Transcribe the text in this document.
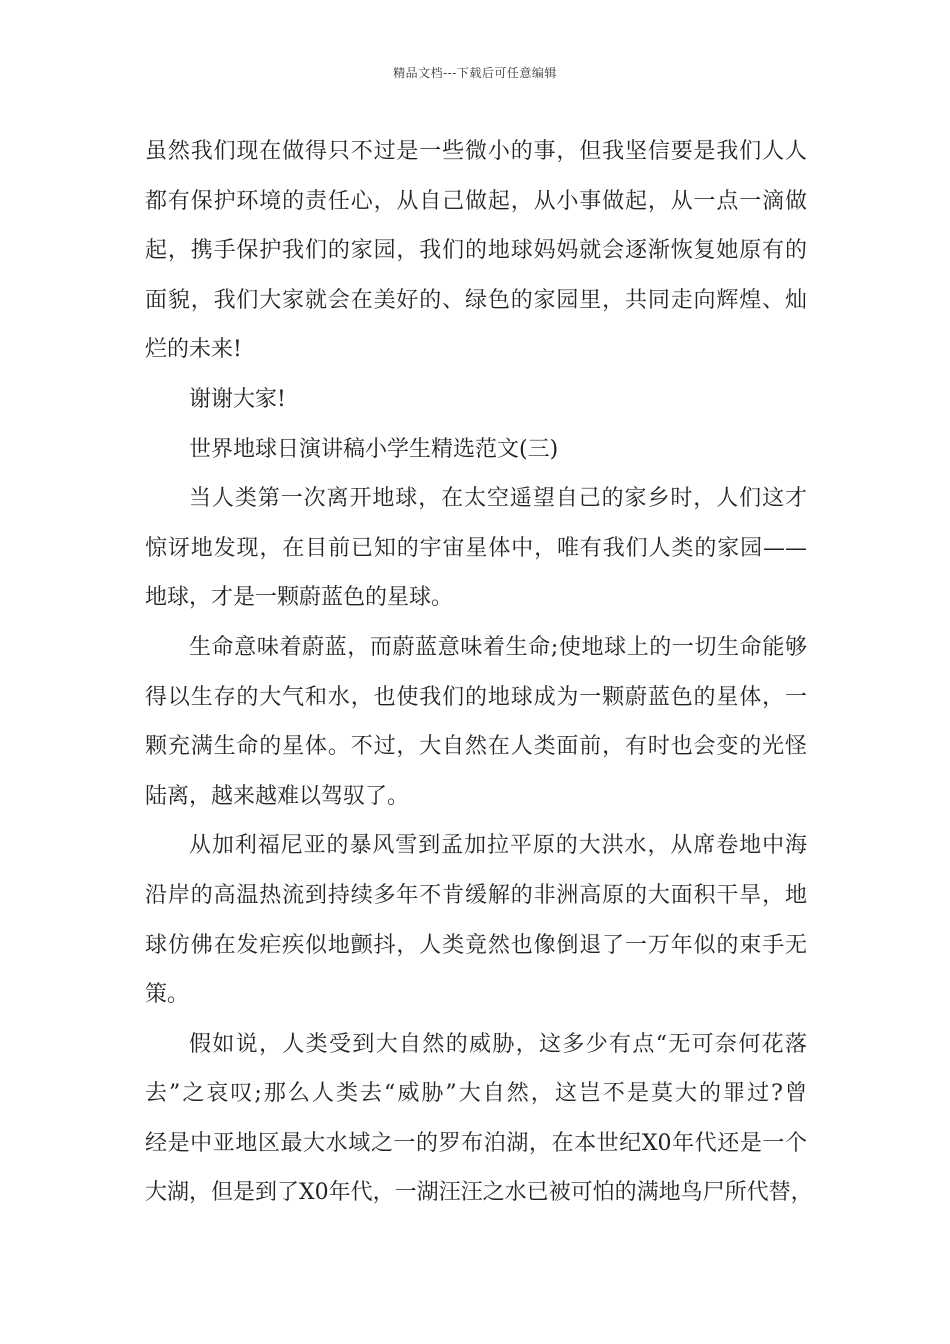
精品文档---下载后可任意编辑
虽然我们现在做得只不过是一些微小的事，但我坚信要是我们人人
都有保护环境的责任心，从自己做起，从小事做起，从一点一滴做
起，携手保护我们的家园，我们的地球妈妈就会逐渐恢复她原有的
面貌，我们大家就会在美好的、绿色的家园里，共同走向辉煌、灿
烂的未来!
谢谢大家!
世界地球日演讲稿小学生精选范文(三)
当人类第一次离开地球，在太空遥望自己的家乡时，人们这才
惊讶地发现，在目前已知的宇宙星体中，唯有我们人类的家园——
地球，才是一颗蔚蓝色的星球。
生命意味着蔚蓝，而蔚蓝意味着生命;使地球上的一切生命能够
得以生存的大气和水，也使我们的地球成为一颗蔚蓝色的星体，一
颗充满生命的星体。不过，大自然在人类面前，有时也会变的光怪
陆离，越来越难以驾驭了。
从加利福尼亚的暴风雪到孟加拉平原的大洪水，从席卷地中海
沿岸的高温热流到持续多年不肯缓解的非洲高原的大面积干旱，地
球仿佛在发疟疾似地颤抖，人类竟然也像倒退了一万年似的束手无
策。
假如说，人类受到大自然的威胁，这多少有点“无可奈何花落
去”之哀叹;那么人类去“威胁”大自然，这岂不是莫大的罪过?曾
经是中亚地区最大水域之一的罗布泊湖，在本世纪X0年代还是一个
大湖，但是到了X0年代，一湖汪汪之水已被可怕的满地鸟尸所代替，
